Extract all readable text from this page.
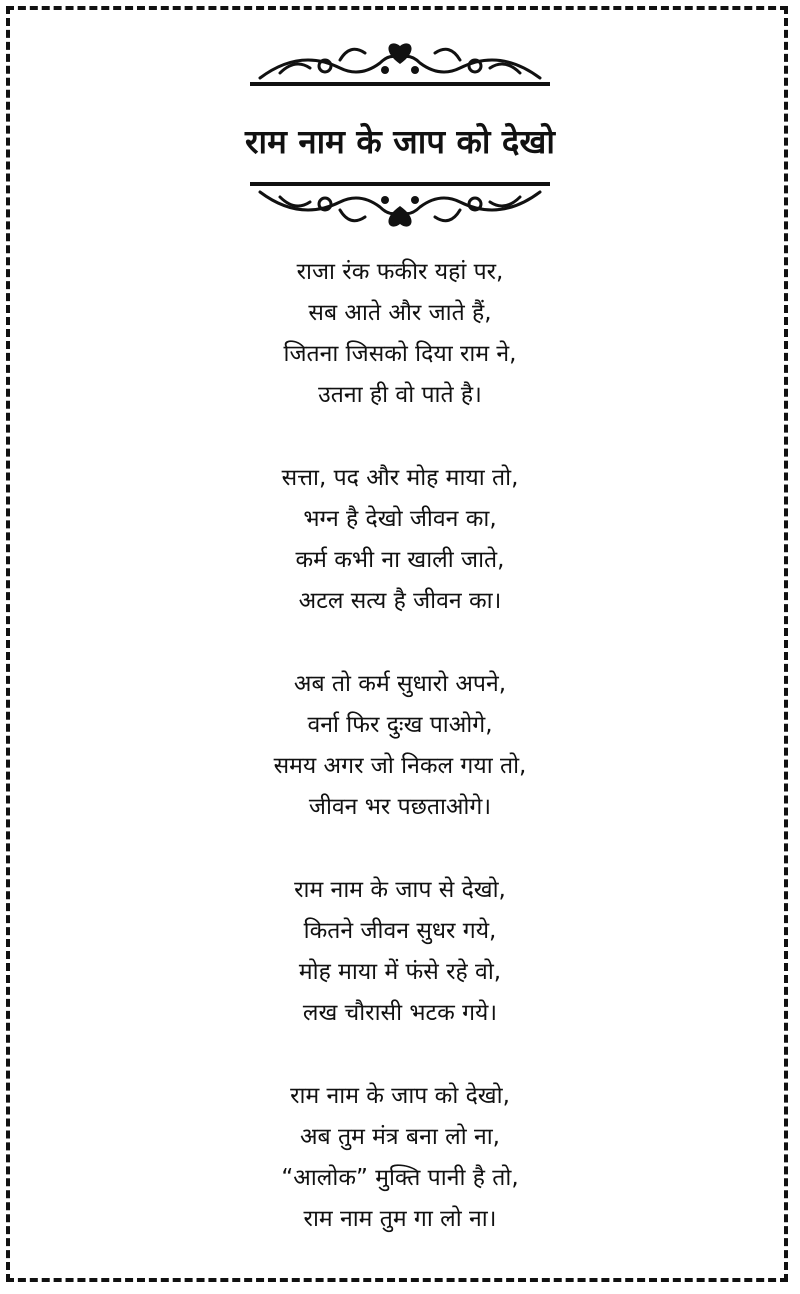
राम नाम के जाप को देखो
राजा रंक फकीर यहां पर,
सब आते और जाते हैं,
जितना जिसको दिया राम ने,
उतना ही वो पाते है।
सत्ता, पद और मोह माया तो,
भग्न है देखो जीवन का,
कर्म कभी ना खाली जाते,
अटल सत्य है जीवन का।
अब तो कर्म सुधारो अपने,
वर्ना फिर दुःख पाओगे,
समय अगर जो निकल गया तो,
जीवन भर पछताओगे।
राम नाम के जाप से देखो,
कितने जीवन सुधर गये,
मोह माया में फंसे रहे वो,
लख चौरासी भटक गये।
राम नाम के जाप को देखो,
अब तुम मंत्र बना लो ना,
“आलोक” मुक्ति पानी है तो,
राम नाम तुम गा लो ना।
